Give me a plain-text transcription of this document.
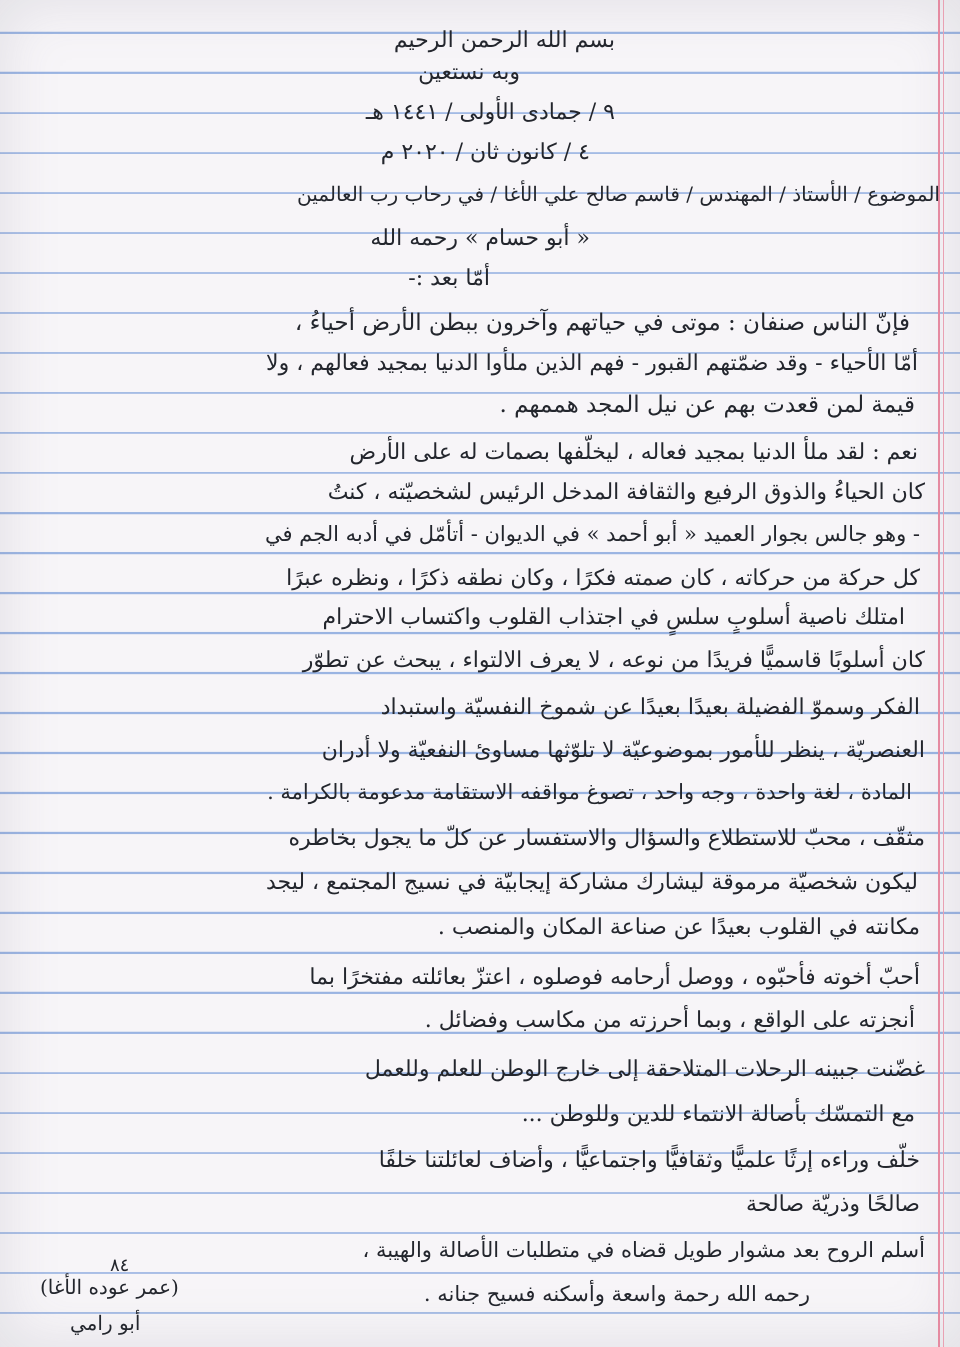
بسم الله الرحمن الرحيم
وبه نستعين
٩ / جمادى الأولى / ١٤٤١ هـ
٤ / كانون ثان / ٢٠٢٠ م
الموضوع / الأستاذ / المهندس / قاسم صالح علي الأغا / في رحاب رب العالمين
« أبو حسام » رحمه الله
أمّا بعد :-
فإنّ الناس صنفان : موتى في حياتهم وآخرون ببطن الأرض أحياءُ ،
أمّا الأحياء - وقد ضمّتهم القبور - فهم الذين ملأوا الدنيا بمجيد فعالهم ، ولا
قيمة لمن قعدت بهم عن نيل المجد هممهم .
نعم : لقد ملأ الدنيا بمجيد فعاله ، ليخلّفها بصمات له على الأرض
كان الحياءُ والذوق الرفيع والثقافة المدخل الرئيس لشخصيّته ، كنتُ
- وهو جالس بجوار العميد « أبو أحمد » في الديوان - أتأمّل في أدبه الجم في
كل حركة من حركاته ، كان صمته فكرًا ، وكان نطقه ذكرًا ، ونظره عبرًا
امتلك ناصية أسلوبٍ سلسٍ في اجتذاب القلوب واكتساب الاحترام
كان أسلوبًا قاسميًّا فريدًا من نوعه ، لا يعرف الالتواء ، يبحث عن تطوّر
الفكر وسموّ الفضيلة بعيدًا بعيدًا عن شموخ النفسيّة واستبداد
العنصريّة ، ينظر للأمور بموضوعيّة لا تلوّثها مساوئ النفعيّة ولا أدران
المادة ، لغة واحدة ، وجه واحد ، تصوغ مواقفه الاستقامة مدعومة بالكرامة .
مثقّف ، محبّ للاستطلاع والسؤال والاستفسار عن كلّ ما يجول بخاطره
ليكون شخصيّة مرموقة ليشارك مشاركة إيجابيّة في نسيج المجتمع ، ليجد
مكانته في القلوب بعيدًا عن صناعة المكان والمنصب .
أحبّ أخوته فأحبّوه ، ووصل أرحامه فوصلوه ، اعتزّ بعائلته مفتخرًا بما
أنجزته على الواقع ، وبما أحرزته من مكاسب وفضائل .
غضّنت جبينه الرحلات المتلاحقة إلى خارج الوطن للعلم وللعمل
مع التمسّك بأصالة الانتماء للدين وللوطن ...
خلّف وراءه إرثًا علميًّا وثقافيًّا واجتماعيًّا ، وأضاف لعائلتنا خلفًا
صالحًا وذريّة صالحة
أسلم الروح بعد مشوار طويل قضاه في متطلبات الأصالة والهيبة ،
رحمه الله رحمة واسعة وأسكنه فسيح جنانه .
٨٤
(عمر عوده الأغا)
أبو رامي
